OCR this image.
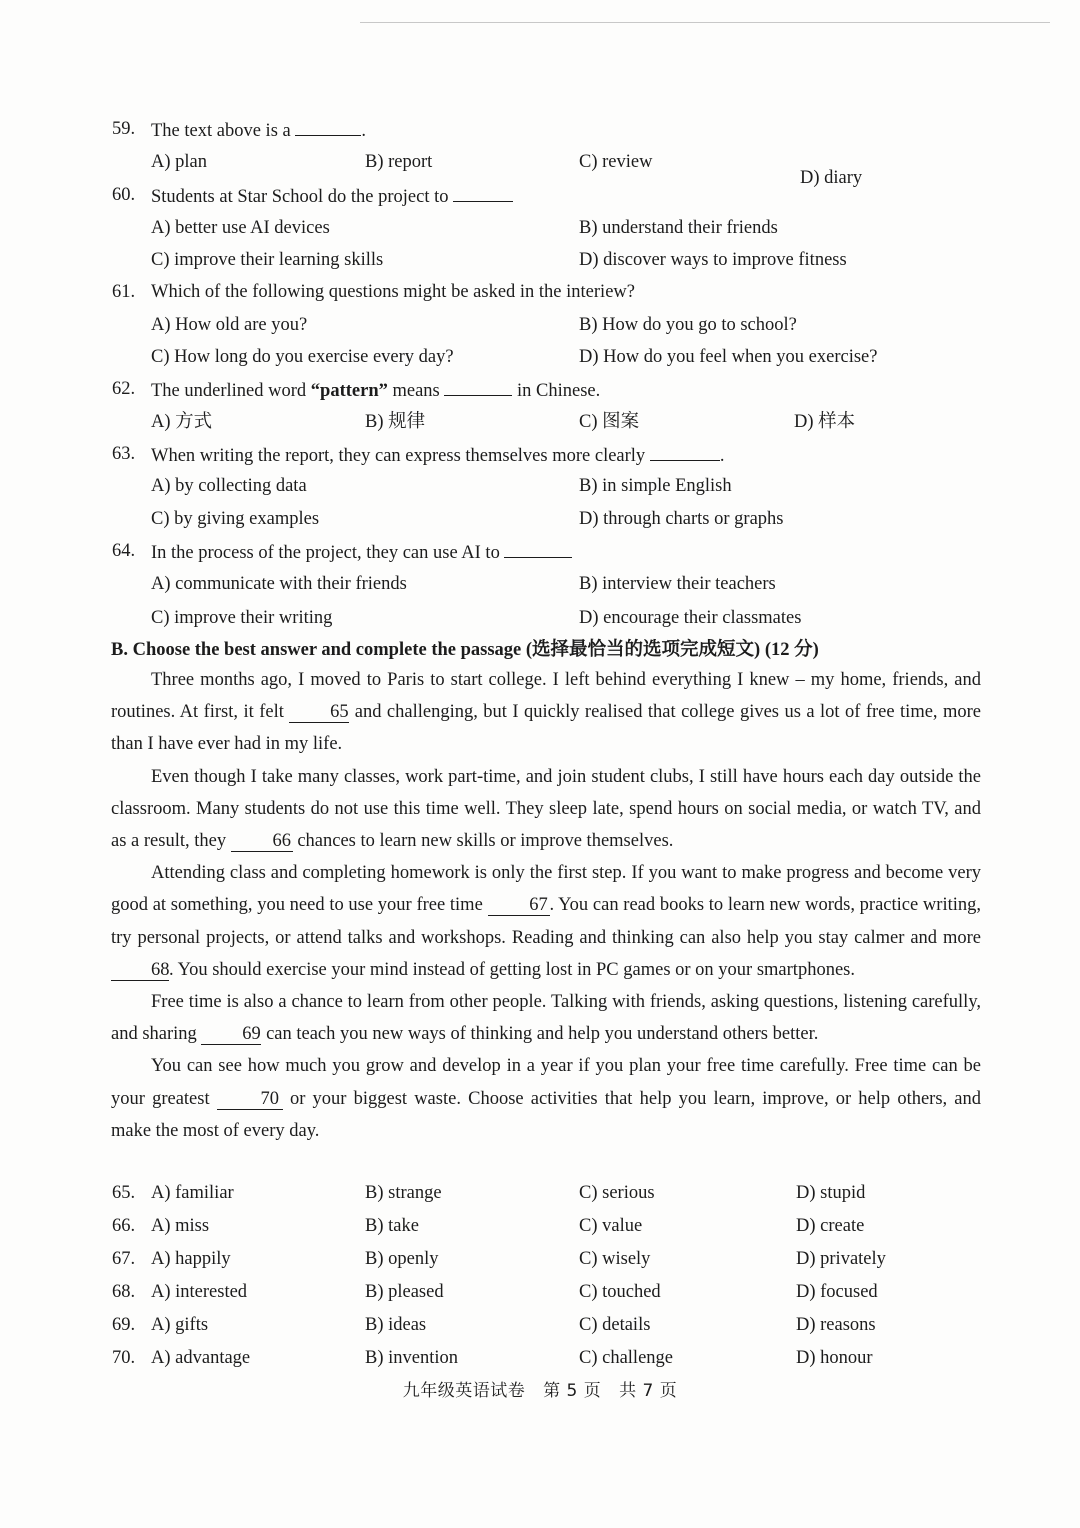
59. The text above is a	.
A) plan	B) report	C) review
D) diary
60. Students at Star School do the project to
A) better use AI devices	B) understand their friends
C) improve their learning skills	D) discover ways to improve fitness
61. Which of the following questions might be asked in the interiew?
A) How old are you?	B) How do you go to school?
C) How long do you exercise every day?	D) How do you feel when you exercise?
62. The underlined word “pattern” means	in Chinese.
A) 方式	B) 规律	C) 图案	D) 样本
63. When writing the report, they can express themselves more clearly	.
A) by collecting data	B) in simple English
C) by giving examples	D) through charts or graphs
64. In the process of the project, they can use AI to
A) communicate with their friends	B) interview their teachers
C) improve their writing	D) encourage their classmates
B. Choose the best answer and complete the passage (选择最恰当的选项完成短文) (12 分)

Three months ago, I moved to Paris to start college. I left behind everything I knew – my home, friends, and routines. At first, it felt 65 and challenging, but I quickly realised that college gives us a lot of free time, more than I have ever had in my life.

Even though I take many classes, work part-time, and join student clubs, I still have hours each day outside the classroom. Many students do not use this time well. They sleep late, spend hours on social media, or watch TV, and as a result, they	66 chances to learn new skills or improve themselves.

Attending class and completing homework is only the first step. If you want to make progress and become very good at something, you need to use your free time	67. You can read books to learn new words, practice writing, try personal projects, or attend talks and workshops. Reading and thinking can also help you stay calmer and more 68. You should exercise your mind instead of getting lost in PC games or on your smartphones.

Free time is also a chance to learn from other people. Talking with friends, asking questions, listening carefully, and sharing 69 can teach you new ways of thinking and help you understand others better.

You can see how much you grow and develop in a year if you plan your free time carefully. Free time can be your greatest	70 or your biggest waste. Choose activities that help you learn, improve, or help others, and make the most of every day.

65. A) familiar	B) strange	C) serious	D) stupid
66. A) miss	B) take	C) value	D) create
67. A) happily	B) openly	C) wisely	D) privately
68. A) interested	B) pleased	C) touched	D) focused
69. A) gifts	B) ideas	C) details	D) reasons
70. A) advantage	B) invention	C) challenge	D) honour
九年级英语试卷 第 5 页 共 7 页
